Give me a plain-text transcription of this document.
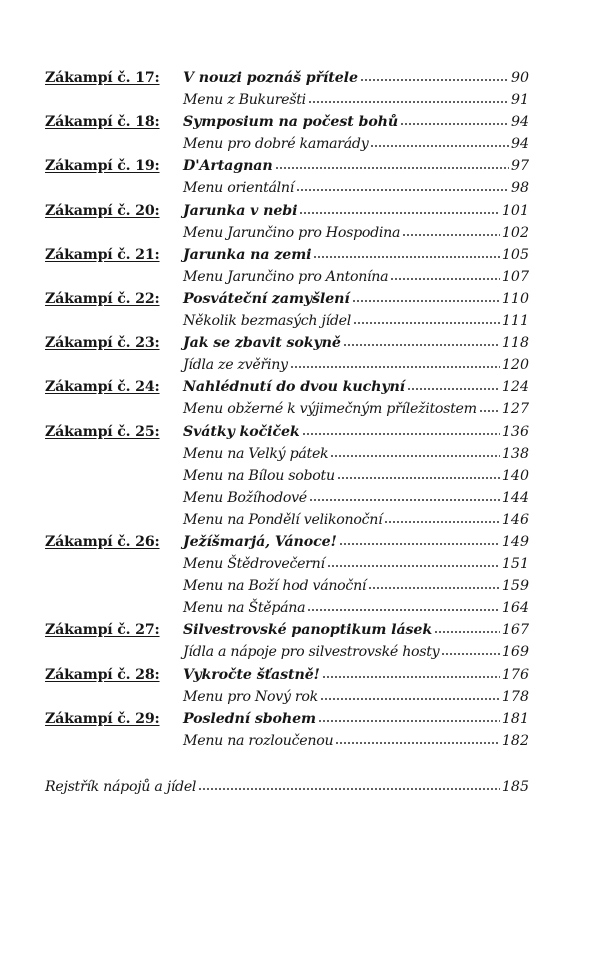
Zákampí č. 17:	V nouzi poznáš přítele	90
Menu z Bukurešti	91
Zákampí č. 18:	Symposium na počest bohů	94
Menu pro dobré kamarády	94
Zákampí č. 19:	D'Artagnan	97
Menu orientální	98
Zákampí č. 20:	Jarunka v nebi	101
Menu Jarunčino pro Hospodina	102
Zákampí č. 21:	Jarunka na zemi	105
Menu Jarunčino pro Antonína	107
Zákampí č. 22:	Posváteční zamyšlení	110
Několik bezmasých jídel	111
Zákampí č. 23:	Jak se zbavit sokyně	118
Jídla ze zvěřiny	120
Zákampí č. 24:	Nahlédnutí do dvou kuchyní	124
Menu obžerné k výjimečným příležitostem 127
Zákampí č. 25:	Svátky kočiček	136
Menu na Velký pátek	138
Menu na Bílou sobotu	140
Menu Božíhodové	144
Menu na Pondělí velikonoční	146
Zákampí č. 26:	Ježíšmarjá, Vánoce!	149
Menu Štědrovečerní	151
Menu na Boží hod vánoční	159
Menu na Štěpána	164
Zákampí č. 27:	Silvestrovské panoptikum lásek	167
Jídla a nápoje pro silvestrovské hosty	169
Zákampí č. 28:	Vykročte šťastně!	176
Menu pro Nový rok	178
Zákampí č. 29:	Poslední sbohem	181
Menu na rozloučenou	182
Rejstřík nápojů a jídel	185
